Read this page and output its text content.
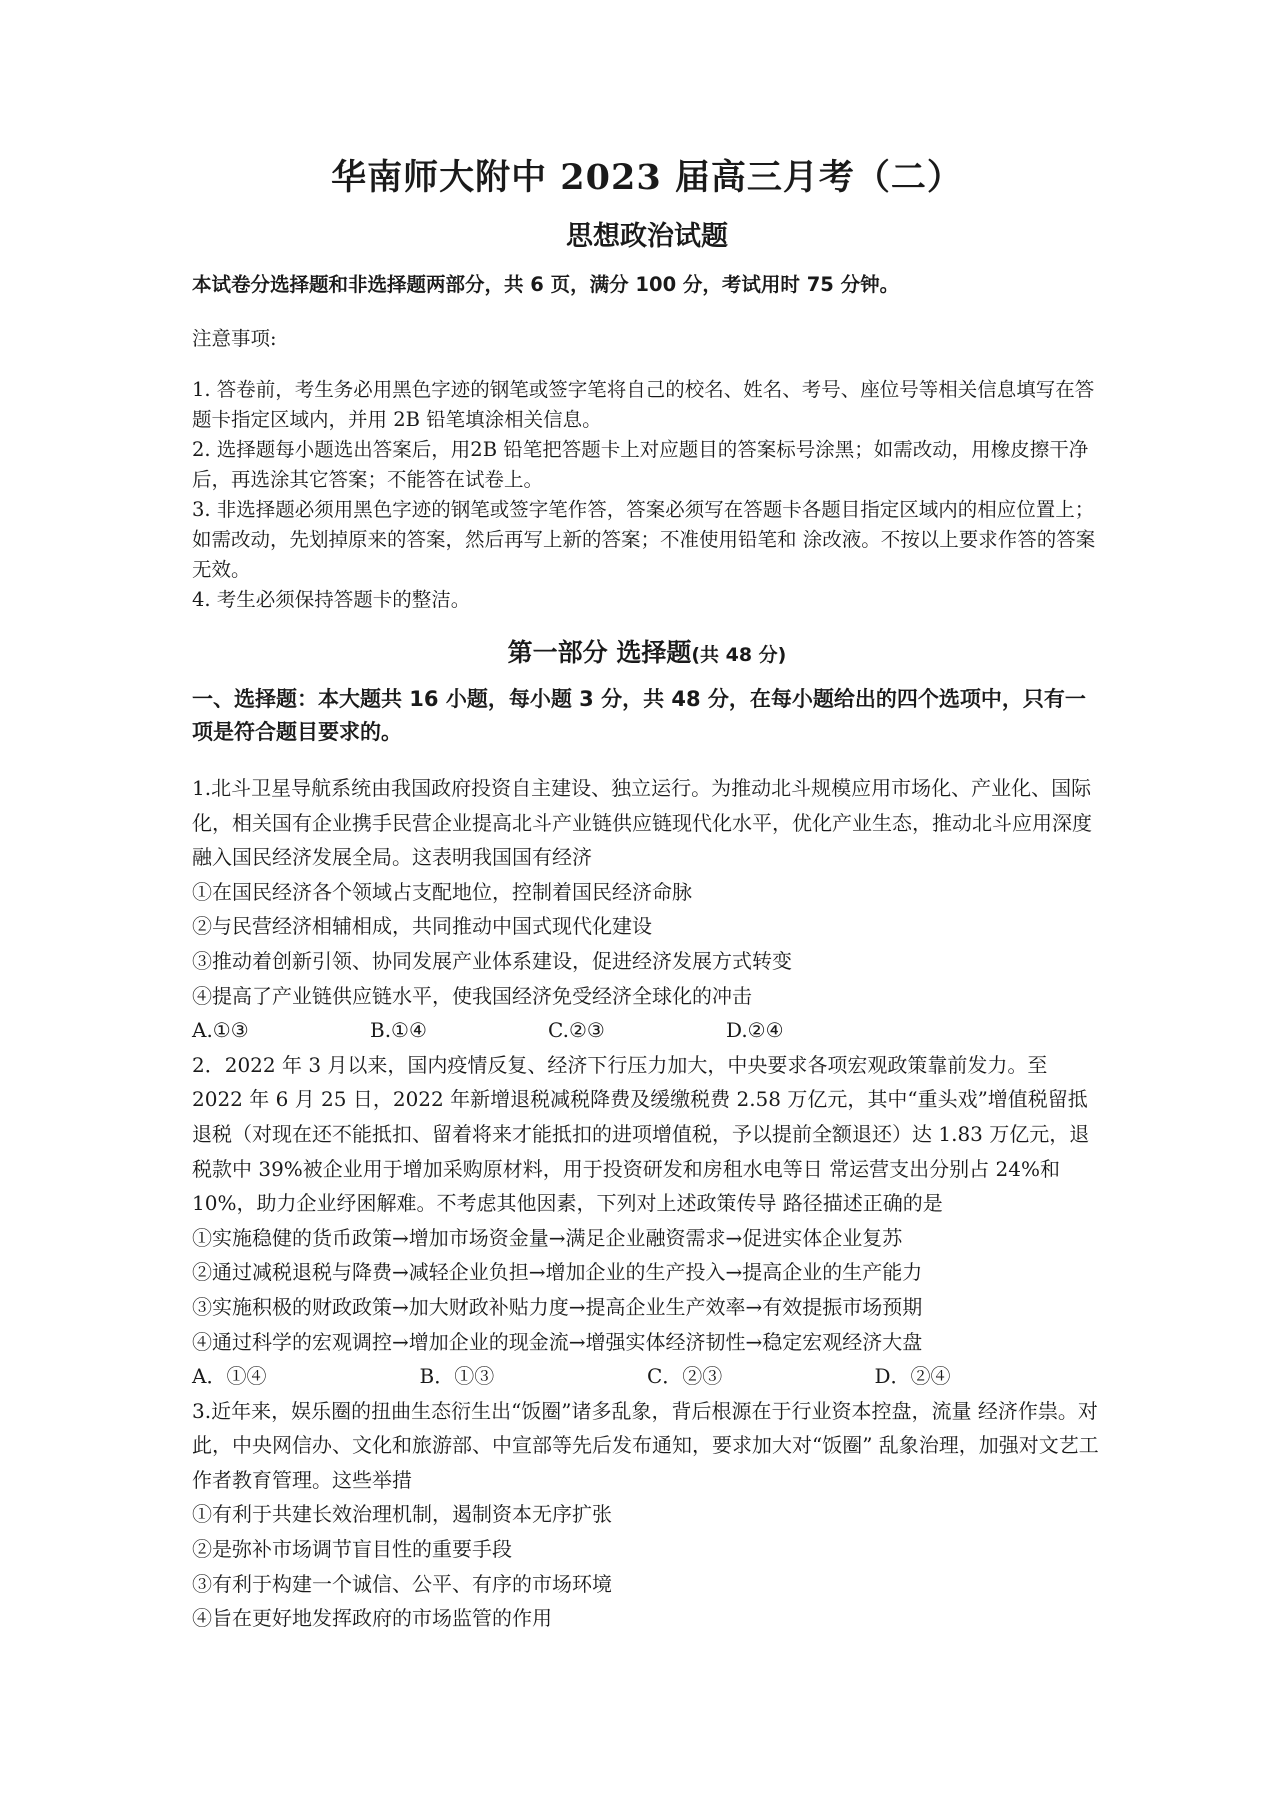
华南师大附中 2023 届高三月考（二）
思想政治试题

本试卷分选择题和非选择题两部分，共 6 页，满分 100 分，考试用时 75 分钟。

注意事项:

1. 答卷前，考生务必用黑色字迹的钢笔或签字笔将自己的校名、姓名、考号、座位号等相关信息填写在答题卡指定区域内，并用 2B 铅笔填涂相关信息。

2. 选择题每小题选出答案后，用2B 铅笔把答题卡上对应题目的答案标号涂黑；如需改动，用橡皮擦干净后，再选涂其它答案；不能答在试卷上。

3. 非选择题必须用黑色字迹的钢笔或签字笔作答，答案必须写在答题卡各题目指定区域内的相应位置上；如需改动，先划掉原来的答案，然后再写上新的答案；不准使用铅笔和 涂改液。不按以上要求作答的答案无效。

4. 考生必须保持答题卡的整洁。

第一部分 选择题(共 48 分)

一、选择题：本大题共 16 小题，每小题 3 分，共 48 分，在每小题给出的四个选项中，只有一项是符合题目要求的。

1.北斗卫星导航系统由我国政府投资自主建设、独立运行。为推动北斗规模应用市场化、产业化、国际化，相关国有企业携手民营企业提高北斗产业链供应链现代化水平，优化产业生态，推动北斗应用深度融入国民经济发展全局。这表明我国国有经济

①在国民经济各个领域占支配地位，控制着国民经济命脉

②与民营经济相辅相成，共同推动中国式现代化建设

③推动着创新引领、协同发展产业体系建设，促进经济发展方式转变

④提高了产业链供应链水平，使我国经济免受经济全球化的冲击

A.①③	B.①④	C.②③	D.②④

2．2022 年 3 月以来，国内疫情反复、经济下行压力加大，中央要求各项宏观政策靠前发力。至 2022 年 6 月 25 日，2022 年新增退税减税降费及缓缴税费 2.58 万亿元，其中“重头戏”增值税留抵退税（对现在还不能抵扣、留着将来才能抵扣的进项增值税，予以提前全额退还）达 1.83 万亿元，退税款中 39%被企业用于增加采购原材料，用于投资研发和房租水电等日 常运营支出分别占 24%和 10%，助力企业纾困解难。不考虑其他因素，下列对上述政策传导 路径描述正确的是

①实施稳健的货币政策→增加市场资金量→满足企业融资需求→促进实体企业复苏

②通过减税退税与降费→减轻企业负担→增加企业的生产投入→提高企业的生产能力

③实施积极的财政政策→加大财政补贴力度→提高企业生产效率→有效提振市场预期

④通过科学的宏观调控→增加企业的现金流→增强实体经济韧性→稳定宏观经济大盘

A．①④	B．①③	C．②③	D．②④

3.近年来，娱乐圈的扭曲生态衍生出“饭圈”诸多乱象，背后根源在于行业资本控盘，流量 经济作祟。对此，中央网信办、文化和旅游部、中宣部等先后发布通知，要求加大对“饭圈” 乱象治理，加强对文艺工作者教育管理。这些举措

①有利于共建长效治理机制，遏制资本无序扩张

②是弥补市场调节盲目性的重要手段

③有利于构建一个诚信、公平、有序的市场环境

④旨在更好地发挥政府的市场监管的作用
